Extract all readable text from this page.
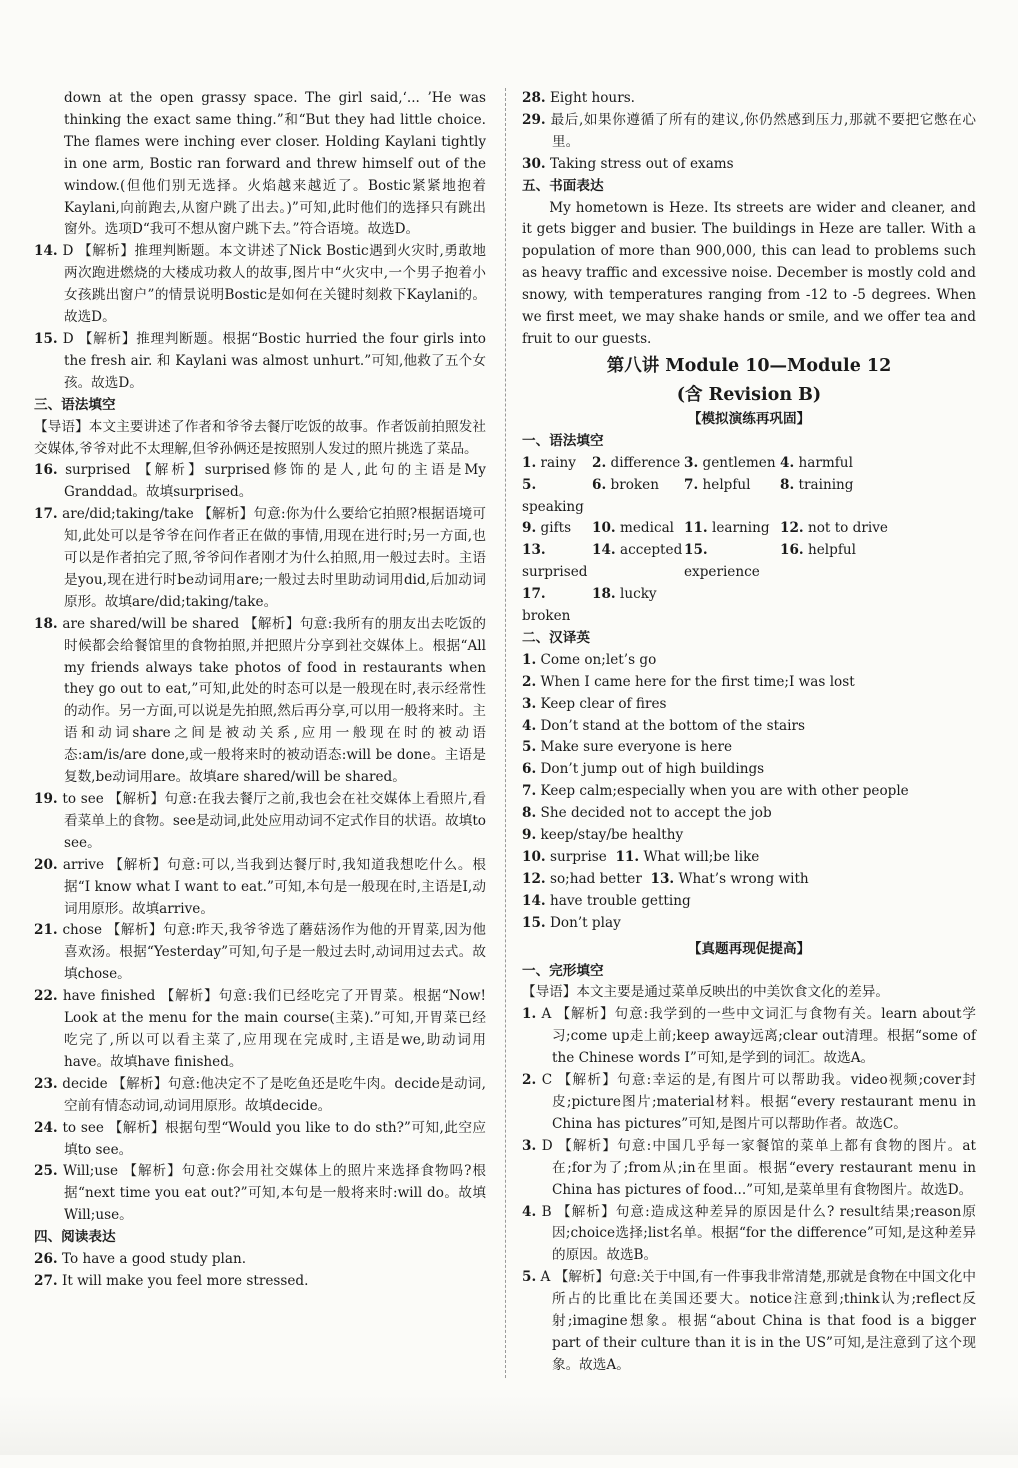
down at the open grassy space. The girl said,‘... ’He was thinking the exact same thing.”和“But they had little choice. The flames were inching ever closer. Holding Kaylani tightly in one arm, Bostic ran forward and threw himself out of the window.(但他们别无选择。火焰越来越近了。Bostic紧紧地抱着Kaylani,向前跑去,从窗户跳了出去。)”可知,此时他们的选择只有跳出窗外。选项D“我可不想从窗户跳下去。”符合语境。故选D。

14. D 【解析】推理判断题。本文讲述了Nick Bostic遇到火灾时,勇敢地两次跑进燃烧的大楼成功救人的故事,图片中“火灾中,一个男子抱着小女孩跳出窗户”的情景说明Bostic是如何在关键时刻救下Kaylani的。故选D。

15. D 【解析】推理判断题。根据“Bostic hurried the four girls into the fresh air. 和 Kaylani was almost unhurt.”可知,他救了五个女孩。故选D。

三、语法填空

【导语】本文主要讲述了作者和爷爷去餐厅吃饭的故事。作者饭前拍照发社交媒体,爷爷对此不太理解,但爷孙俩还是按照别人发过的照片挑选了菜品。

16. surprised 【解析】surprised修饰的是人,此句的主语是My Granddad。故填surprised。

17. are/did;taking/take 【解析】句意:你为什么要给它拍照?根据语境可知,此处可以是爷爷在问作者正在做的事情,用现在进行时;另一方面,也可以是作者拍完了照,爷爷问作者刚才为什么拍照,用一般过去时。主语是you,现在进行时be动词用are;一般过去时里助动词用did,后加动词原形。故填are/did;taking/take。

18. are shared/will be shared 【解析】句意:我所有的朋友出去吃饭的时候都会给餐馆里的食物拍照,并把照片分享到社交媒体上。根据“All my friends always take photos of food in restaurants when they go out to eat,”可知,此处的时态可以是一般现在时,表示经常性的动作。另一方面,可以说是先拍照,然后再分享,可以用一般将来时。主语和动词share之间是被动关系,应用一般现在时的被动语态:am/is/are done,或一般将来时的被动语态:will be done。主语是复数,be动词用are。故填are shared/will be shared。

19. to see 【解析】句意:在我去餐厅之前,我也会在社交媒体上看照片,看看菜单上的食物。see是动词,此处应用动词不定式作目的状语。故填to see。

20. arrive 【解析】句意:可以,当我到达餐厅时,我知道我想吃什么。根据“I know what I want to eat.”可知,本句是一般现在时,主语是I,动词用原形。故填arrive。

21. chose 【解析】句意:昨天,我爷爷选了蘑菇汤作为他的开胃菜,因为他喜欢汤。根据“Yesterday”可知,句子是一般过去时,动词用过去式。故填chose。

22. have finished 【解析】句意:我们已经吃完了开胃菜。根据“Now! Look at the menu for the main course(主菜).”可知,开胃菜已经吃完了,所以可以看主菜了,应用现在完成时,主语是we,助动词用have。故填have finished。

23. decide 【解析】句意:他决定不了是吃鱼还是吃牛肉。decide是动词,空前有情态动词,动词用原形。故填decide。

24. to see 【解析】根据句型“Would you like to do sth?”可知,此空应填to see。

25. Will;use 【解析】句意:你会用社交媒体上的照片来选择食物吗?根据“next time you eat out?”可知,本句是一般将来时:will do。故填Will;use。

四、阅读表达

26. To have a good study plan.

27. It will make you feel more stressed.

28. Eight hours.

29. 最后,如果你遵循了所有的建议,你仍然感到压力,那就不要把它憋在心里。

30. Taking stress out of exams

五、书面表达

My hometown is Heze. Its streets are wider and cleaner, and it gets bigger and busier. The buildings in Heze are taller. With a population of more than 900,000, this can lead to problems such as heavy traffic and excessive noise. December is mostly cold and snowy, with temperatures ranging from -12 to -5 degrees. When we first meet, we may shake hands or smile, and we offer tea and fruit to our guests.

第八讲 Module 10—Module 12

(含 Revision B)

【模拟演练再巩固】

一、语法填空

1. rainy	2. difference 3. gentlemen 4. harmful
5. speaking
6. broken	7. helpful	8. training
9. gifts	10. medical 11. learning 12. not to drive
13. surprised
14. accepted 15. experience
16. helpful
17. broken
18. lucky

二、汉译英

1. Come on;let’s go

2. When I came here for the first time;I was lost

3. Keep clear of fires

4. Don’t stand at the bottom of the stairs

5. Make sure everyone is here

6. Don’t jump out of high buildings

7. Keep calm;especially when you are with other people

8. She decided not to accept the job

9. keep/stay/be healthy

10. surprise 11. What will;be like

12. so;had better 13. What’s wrong with

14. have trouble getting

15. Don’t play

【真题再现促提高】

一、完形填空

【导语】本文主要是通过菜单反映出的中美饮食文化的差异。

1. A 【解析】句意:我学到的一些中文词汇与食物有关。learn about学习;come up走上前;keep away远离;clear out清理。根据“some of the Chinese words I”可知,是学到的词汇。故选A。

2. C 【解析】句意:幸运的是,有图片可以帮助我。video视频;cover封皮;picture图片;material材料。根据“every restaurant menu in China has pictures”可知,是图片可以帮助作者。故选C。

3. D 【解析】句意:中国几乎每一家餐馆的菜单上都有食物的图片。at在;for为了;from从;in在里面。根据“every restaurant menu in China has pictures of food...”可知,是菜单里有食物图片。故选D。

4. B 【解析】句意:造成这种差异的原因是什么? result结果;reason原因;choice选择;list名单。根据“for the difference”可知,是这种差异的原因。故选B。

5. A 【解析】句意:关于中国,有一件事我非常清楚,那就是食物在中国文化中所占的比重比在美国还要大。notice注意到;think认为;reflect反射;imagine想象。根据“about China is that food is a bigger part of their culture than it is in the US”可知,是注意到了这个现象。故选A。
